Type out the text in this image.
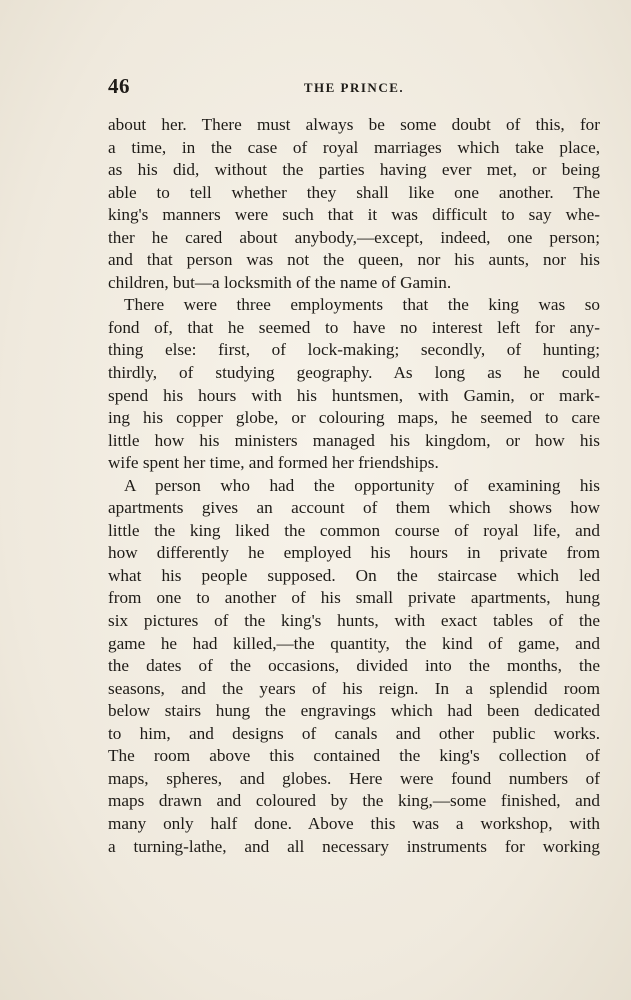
46	THE PRINCE.
about her. There must always be some doubt of this, for
a time, in the case of royal marriages which take place,
as his did, without the parties having ever met, or being
able to tell whether they shall like one another. The
king's manners were such that it was difficult to say whe-
ther he cared about anybody,—except, indeed, one person;
and that person was not the queen, nor his aunts, nor his
children, but—a locksmith of the name of Gamin.
There were three employments that the king was so
fond of, that he seemed to have no interest left for any-
thing else: first, of lock-making; secondly, of hunting;
thirdly, of studying geography. As long as he could
spend his hours with his huntsmen, with Gamin, or mark-
ing his copper globe, or colouring maps, he seemed to care
little how his ministers managed his kingdom, or how his
wife spent her time, and formed her friendships.
A person who had the opportunity of examining his
apartments gives an account of them which shows how
little the king liked the common course of royal life, and
how differently he employed his hours in private from
what his people supposed. On the staircase which led
from one to another of his small private apartments, hung
six pictures of the king's hunts, with exact tables of the
game he had killed,—the quantity, the kind of game, and
the dates of the occasions, divided into the months, the
seasons, and the years of his reign. In a splendid room
below stairs hung the engravings which had been dedicated
to him, and designs of canals and other public works.
The room above this contained the king's collection of
maps, spheres, and globes. Here were found numbers of
maps drawn and coloured by the king,—some finished, and
many only half done. Above this was a workshop, with
a turning-lathe, and all necessary instruments for working
